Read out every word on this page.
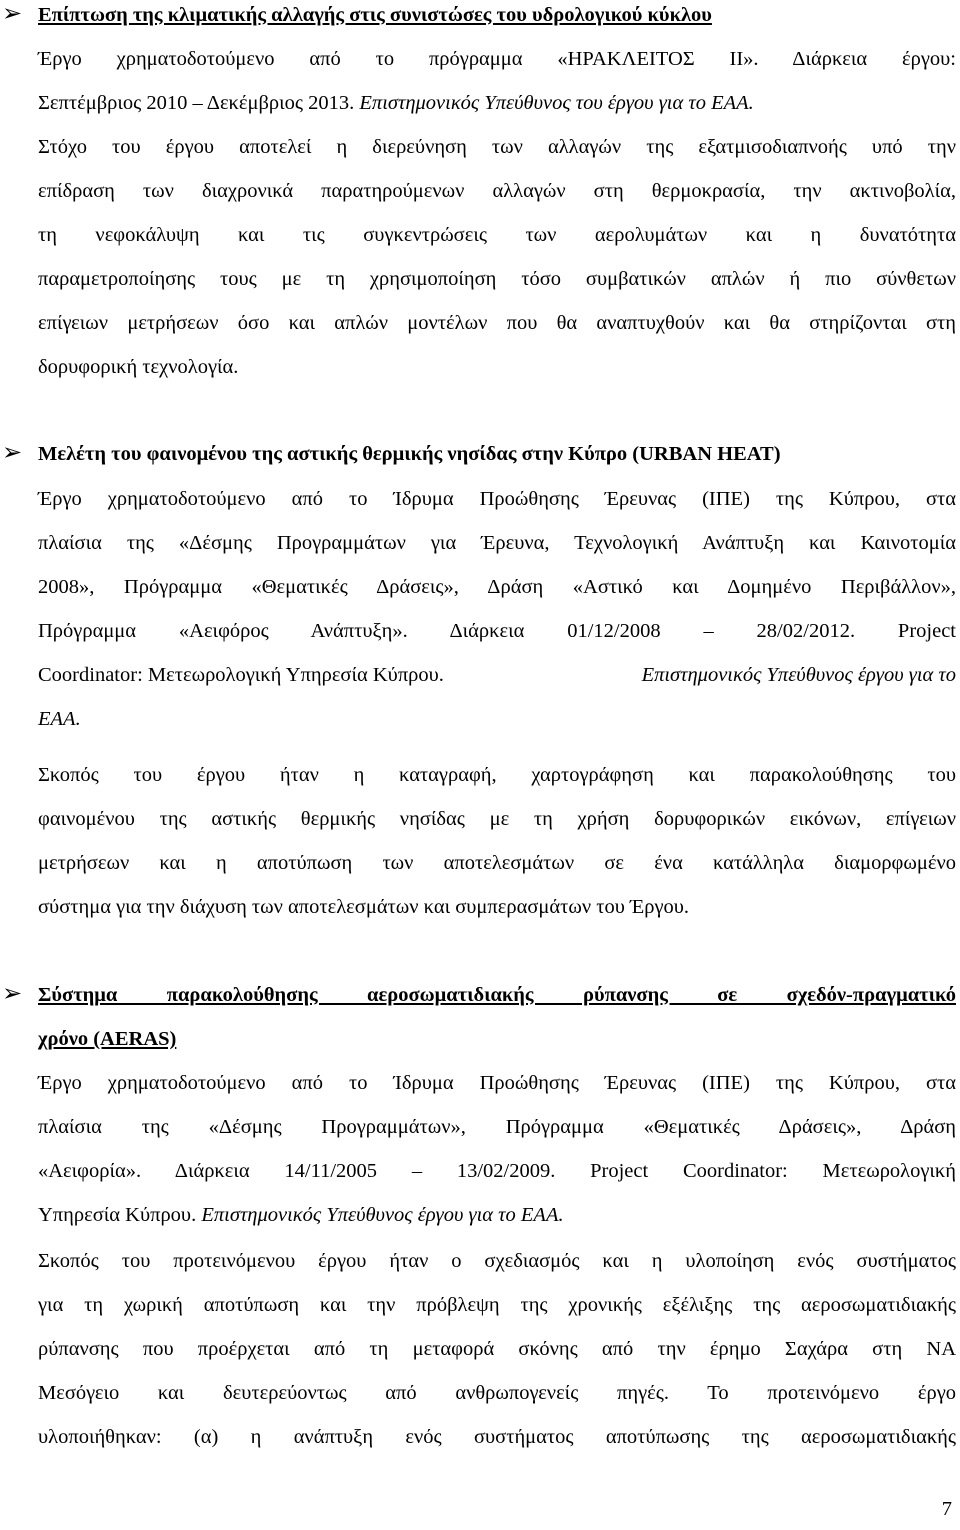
➢ Επίπτωση της κλιματικής αλλαγής στις συνιστώσες του υδρολογικού κύκλου
Έργο χρηματοδοτούμενο από το πρόγραμμα «ΗΡΑΚΛΕΙΤΟΣ ΙΙ». Διάρκεια έργου:
Σεπτέμβριος 2010 – Δεκέμβριος 2013. Επιστημονικός Υπεύθυνος του έργου για το ΕΑΑ.
Στόχο του έργου αποτελεί η διερεύνηση των αλλαγών της εξατμισοδιαπνοής υπό την
επίδραση των διαχρονικά παρατηρούμενων αλλαγών στη θερμοκρασία, την ακτινοβολία,
τη νεφοκάλυψη και τις συγκεντρώσεις των αερολυμάτων και η δυνατότητα
παραμετροποίησης τους με τη χρησιμοποίηση τόσο συμβατικών απλών ή πιο σύνθετων
επίγειων μετρήσεων όσο και απλών μοντέλων που θα αναπτυχθούν και θα στηρίζονται στη
δορυφορική τεχνολογία.
➢ Μελέτη του φαινομένου της αστικής θερμικής νησίδας στην Κύπρο (URBAN HEAT)
Έργο χρηματοδοτούμενο από το Ίδρυμα Προώθησης Έρευνας (ΙΠΕ) της Κύπρου, στα
πλαίσια της «Δέσμης Προγραμμάτων για Έρευνα, Τεχνολογική Ανάπτυξη και Καινοτομία
2008», Πρόγραμμα «Θεματικές Δράσεις», Δράση «Αστικό και Δομημένο Περιβάλλον»,
Πρόγραμμα «Αειφόρος Ανάπτυξη». Διάρκεια 01/12/2008 – 28/02/2012. Project
Coordinator: Μετεωρολογική Υπηρεσία Κύπρου.	Επιστημονικός Υπεύθυνος έργου για το
ΕΑΑ.
Σκοπός του έργου ήταν η καταγραφή, χαρτογράφηση και παρακολούθησης του
φαινομένου της αστικής θερμικής νησίδας με τη χρήση δορυφορικών εικόνων, επίγειων
μετρήσεων και η αποτύπωση των αποτελεσμάτων σε ένα κατάλληλα διαμορφωμένο
σύστημα για την διάχυση των αποτελεσμάτων και συμπερασμάτων του Έργου.
➢ Σύστημα παρακολούθησης αεροσωματιδιακής ρύπανσης σε σχεδόν-πραγματικό
χρόνο (AERAS)
Έργο χρηματοδοτούμενο από το Ίδρυμα Προώθησης Έρευνας (ΙΠΕ) της Κύπρου, στα
πλαίσια της «Δέσμης Προγραμμάτων», Πρόγραμμα «Θεματικές Δράσεις», Δράση
«Αειφορία». Διάρκεια 14/11/2005 – 13/02/2009. Project Coordinator: Μετεωρολογική
Υπηρεσία Κύπρου. Επιστημονικός Υπεύθυνος έργου για το ΕΑΑ.
Σκοπός του προτεινόμενου έργου ήταν ο σχεδιασμός και η υλοποίηση ενός συστήματος
για τη χωρική αποτύπωση και την πρόβλεψη της χρονικής εξέλιξης της αεροσωματιδιακής
ρύπανσης που προέρχεται από τη μεταφορά σκόνης από την έρημο Σαχάρα στη ΝΑ
Μεσόγειο και δευτερεύοντως από ανθρωπογενείς πηγές. Το προτεινόμενο έργο
υλοποιήθηκαν: (α) η ανάπτυξη ενός συστήματος αποτύπωσης της αεροσωματιδιακής
7
